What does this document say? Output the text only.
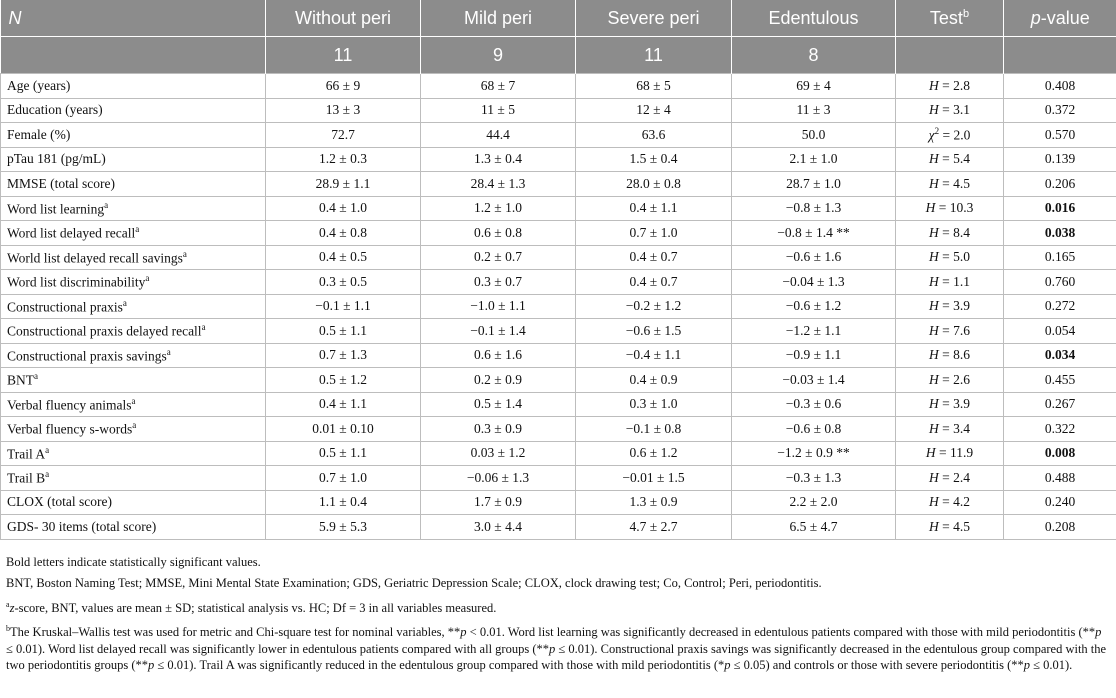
N	Without peri	Mild peri	Severe peri	Edentulous	Test$^b$	p-value
	11	9	11	8		
Age (years)	66 ± 9	68 ± 7	68 ± 5	69 ± 4	H = 2.8	0.408
Education (years)	13 ± 3	11 ± 5	12 ± 4	11 ± 3	H = 3.1	0.372
Female (%)	72.7	44.4	63.6	50.0	$\chi^2 = 2.0$	0.570
pTau 181 (pg/mL)	1.2 ± 0.3	1.3 ± 0.4	1.5 ± 0.4	2.1 ± 1.0	H = 5.4	0.139
MMSE (total score)	28.9 ± 1.1	28.4 ± 1.3	28.0 ± 0.8	28.7 ± 1.0	H = 4.5	0.206
Word list learning$^a$	0.4 ± 1.0	1.2 ± 1.0	0.4 ± 1.1	−0.8 ± 1.3	H = 10.3	0.016
Word list delayed recall$^a$	0.4 ± 0.8	0.6 ± 0.8	0.7 ± 1.0	−0.8 ± 1.4 **	H = 8.4	0.038
World list delayed recall savings$^a$	0.4 ± 0.5	0.2 ± 0.7	0.4 ± 0.7	−0.6 ± 1.6	H = 5.0	0.165
Word list discriminability$^a$	0.3 ± 0.5	0.3 ± 0.7	0.4 ± 0.7	−0.04 ± 1.3	H = 1.1	0.760
Constructional praxis$^a$	−0.1 ± 1.1	−1.0 ± 1.1	−0.2 ± 1.2	−0.6 ± 1.2	H = 3.9	0.272
Constructional praxis delayed recall$^a$	0.5 ± 1.1	−0.1 ± 1.4	−0.6 ± 1.5	−1.2 ± 1.1	H = 7.6	0.054
Constructional praxis savings$^a$	0.7 ± 1.3	0.6 ± 1.6	−0.4 ± 1.1	−0.9 ± 1.1	H = 8.6	0.034
BNT$^a$	0.5 ± 1.2	0.2 ± 0.9	0.4 ± 0.9	−0.03 ± 1.4	H = 2.6	0.455
Verbal fluency animals$^a$	0.4 ± 1.1	0.5 ± 1.4	0.3 ± 1.0	−0.3 ± 0.6	H = 3.9	0.267
Verbal fluency s-words$^a$	0.01 ± 0.10	0.3 ± 0.9	−0.1 ± 0.8	−0.6 ± 0.8	H = 3.4	0.322
Trail $A^a$	0.5 ± 1.1	0.03 ± 1.2	0.6 ± 1.2	−1.2 ± 0.9 **	H = 11.9	0.008
Trail $B^a$	0.7 ± 1.0	−0.06 ± 1.3	−0.01 ± 1.5	−0.3 ± 1.3	H = 2.4	0.488
CLOX (total score)	1.1 ± 0.4	1.7 ± 0.9	1.3 ± 0.9	2.2 ± 2.0	H = 4.2	0.240
GDS- 30 items (total score)	5.9 ± 5.3	3.0 ± 4.4	4.7 ± 2.7	6.5 ± 4.7	H = 4.5	0.208

Bold letters indicate statistically significant values.

BNT, Boston Naming Test; MMSE, Mini Mental State Examination; GDS, Geriatric Depression Scale; CLOX, clock drawing test; Co, Control; Peri, periodontitis.

$^a$z-score, BNT, values are mean ± SD; statistical analysis vs. HC; Df = 3 in all variables measured.

$^b$The Kruskal–Wallis test was used for metric and Chi-square test for nominal variables, **p < 0.01. Word list learning was significantly decreased in edentulous patients compared with those with mild periodontitis (**p ≤ 0.01). Word list delayed recall was significantly lower in edentulous patients compared with all groups (**p ≤ 0.01). Constructional praxis savings was significantly decreased in the edentulous group compared with the two periodontitis groups (**p ≤ 0.01). Trail A was significantly reduced in the edentulous group compared with those with mild periodontitis (*p ≤ 0.05) and controls or those with severe periodontitis (**p ≤ 0.01).
